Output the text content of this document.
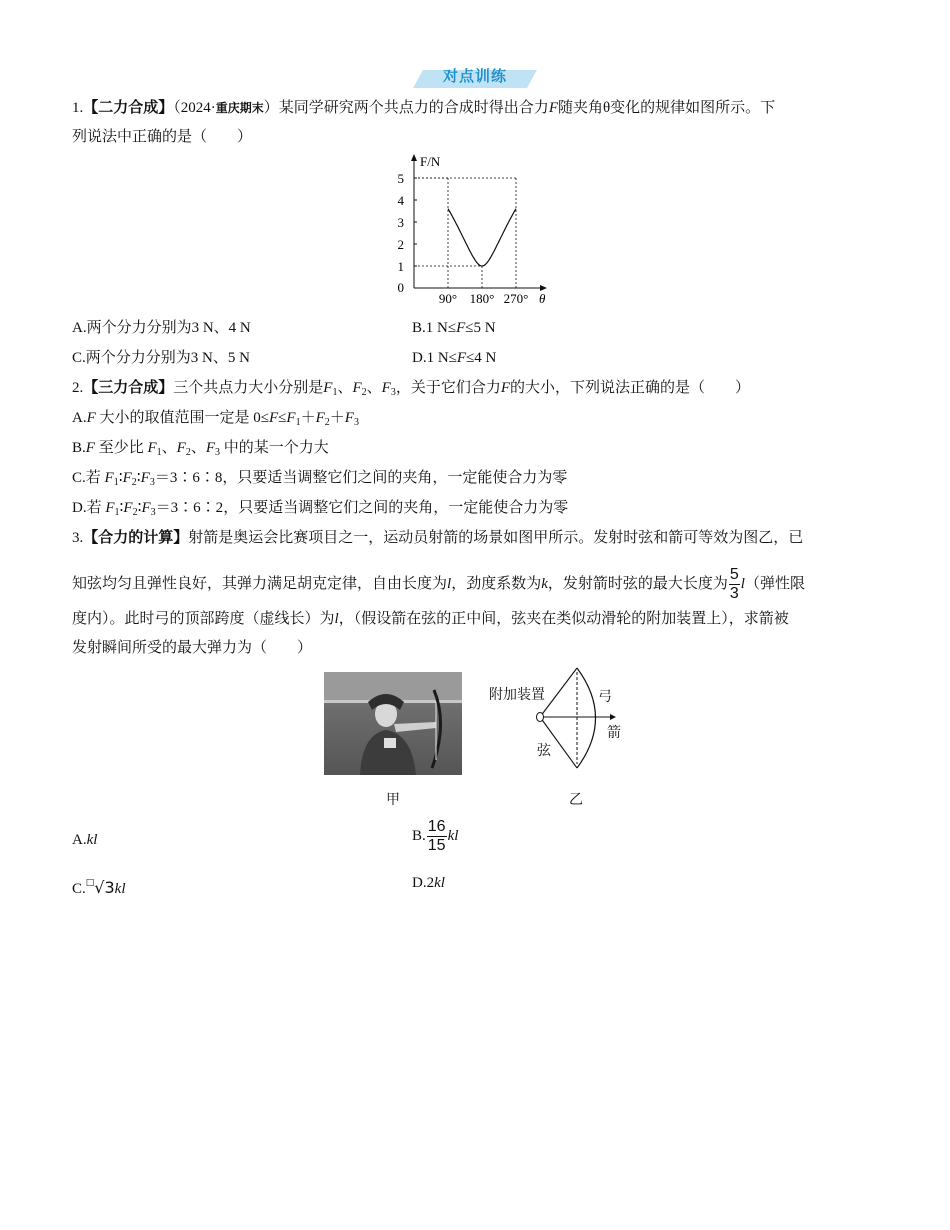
对点训练
1.【二力合成】（2024·重庆期末）某同学研究两个共点力的合成时得出合力F随夹角θ变化的规律如图所示。下
列说法中正确的是（　　）
F/N
θ
0
1
2
3
4
5
90° 180° 270°
A.两个分力分别为3 N、4 N	B.1 N≤F≤5 N
C.两个分力分别为3 N、5 N	D.1 N≤F≤4 N
2.【三力合成】三个共点力大小分别是$F_1$、$F_2$、$F_3$，关于它们合力F的大小，下列说法正确的是（　　）
A.F 大小的取值范围一定是 $0\le F\le F_1+F_2+F_3$
B.F 至少比 $F_1$、$F_2$、$F_3$ 中的某一个力大
C.若 $F_1∶F_2∶F_3=3∶6∶8$，只要适当调整它们之间的夹角，一定能使合力为零
D.若 $F_1∶F_2∶F_3=3∶6∶2$，只要适当调整它们之间的夹角，一定能使合力为零
3.【合力的计算】射箭是奥运会比赛项目之一，运动员射箭的场景如图甲所示。发射时弦和箭可等效为图乙，已
知弦均匀且弹性良好，其弹力满足胡克定律，自由长度为l，劲度系数为k，发射箭时弦的最大长度为 $\frac{5}{3} l$（弹性限
度内）。此时弓的顶部跨度（虚线长）为l，（假设箭在弦的正中间，弦夹在类似动滑轮的附加装置上），求箭被
发射瞬间所受的最大弹力为（　　）
附加装置	弓
箭
弦
甲	乙
A.kl	B. $\frac{16}{15}$ kl
C.□√3kl	D.2kl
